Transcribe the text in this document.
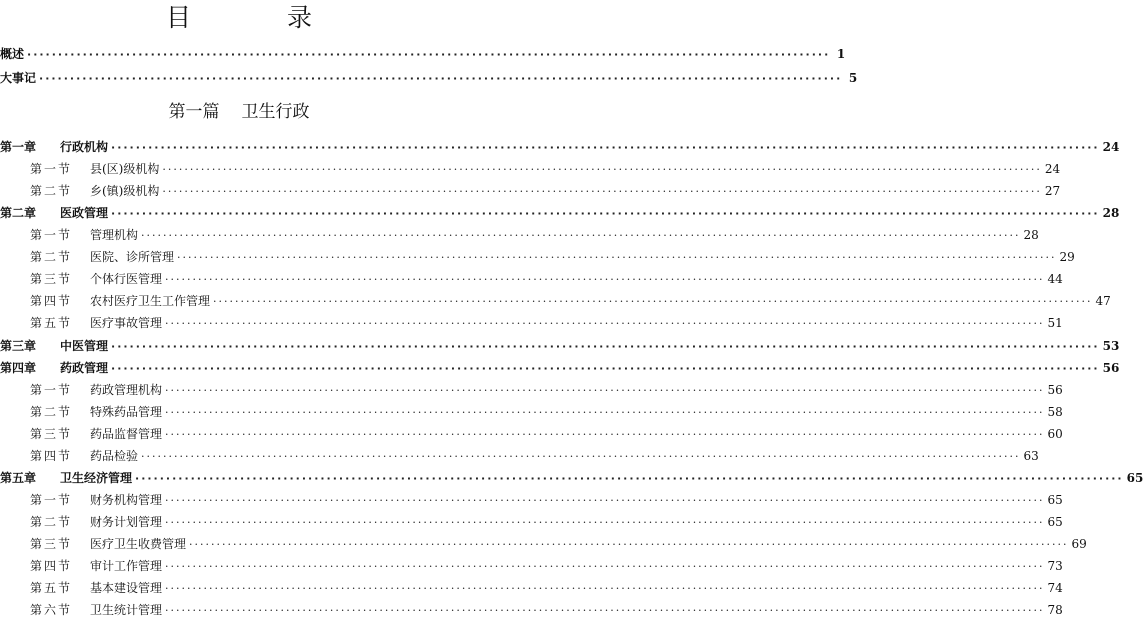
目 录
概述 ·································································································································· 1
大事记 ·································································································································· 5
第一篇 卫生行政
第一章 行政机构 ································································································································································ 24
第一节 县(区)级机构 ································································································································································ 24
第二节 乡(镇)级机构 ································································································································································ 27
第二章 医政管理 ································································································································································ 28
第一节 管理机构 ································································································································································ 28
第二节 医院、诊所管理 ································································································································································ 29
第三节 个体行医管理 ································································································································································ 44
第四节 农村医疗卫生工作管理 ································································································································································ 47
第五节 医疗事故管理 ································································································································································ 51
第三章 中医管理 ································································································································································ 53
第四章 药政管理 ································································································································································ 56
第一节 药政管理机构 ································································································································································ 56
第二节 特殊药品管理 ································································································································································ 58
第三节 药品监督管理 ································································································································································ 60
第四节 药品检验 ································································································································································ 63
第五章 卫生经济管理 ································································································································································ 65
第一节 财务机构管理 ································································································································································ 65
第二节 财务计划管理 ································································································································································ 65
第三节 医疗卫生收费管理 ································································································································································ 69
第四节 审计工作管理 ································································································································································ 73
第五节 基本建设管理 ································································································································································ 74
第六节 卫生统计管理 ································································································································································ 78
